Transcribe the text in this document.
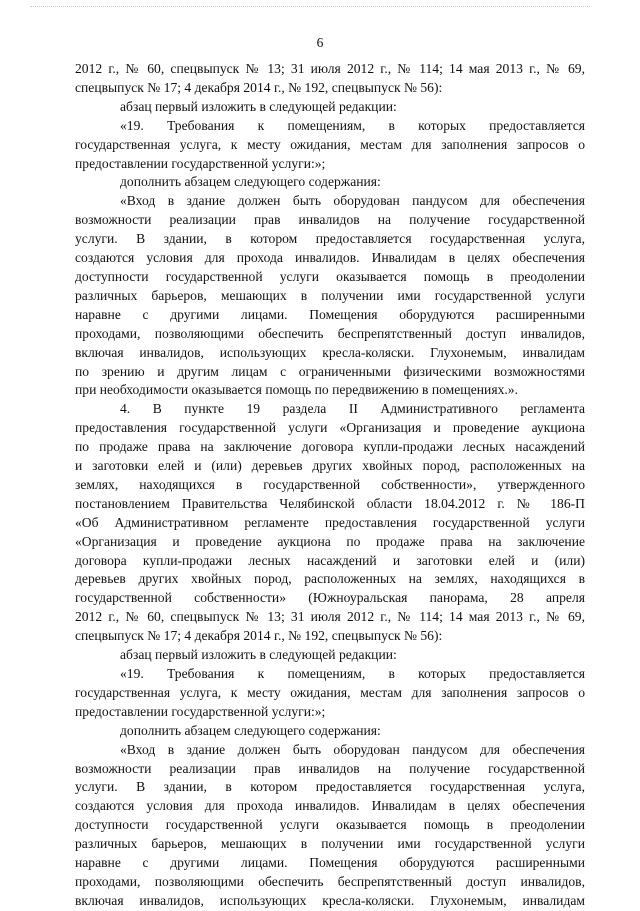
6
2012 г., № 60, спецвыпуск № 13; 31 июля 2012 г., № 114; 14 мая 2013 г., № 69,
спецвыпуск № 17; 4 декабря 2014 г., № 192, спецвыпуск № 56):
абзац первый изложить в следующей редакции:
«19. Требования к помещениям, в которых предоставляется
государственная услуга, к месту ожидания, местам для заполнения запросов о
предоставлении государственной услуги:»;
дополнить абзацем следующего содержания:
«Вход в здание должен быть оборудован пандусом для обеспечения
возможности реализации прав инвалидов на получение государственной
услуги. В здании, в котором предоставляется государственная услуга,
создаются условия для прохода инвалидов. Инвалидам в целях обеспечения
доступности государственной услуги оказывается помощь в преодолении
различных барьеров, мешающих в получении ими государственной услуги
наравне с другими лицами. Помещения оборудуются расширенными
проходами, позволяющими обеспечить беспрепятственный доступ инвалидов,
включая инвалидов, использующих кресла-коляски. Глухонемым, инвалидам
по зрению и другим лицам с ограниченными физическими возможностями
при необходимости оказывается помощь по передвижению в помещениях.».
4. В пункте 19 раздела II Административного регламента
предоставления государственной услуги «Организация и проведение аукциона
по продаже права на заключение договора купли-продажи лесных насаждений
и заготовки елей и (или) деревьев других хвойных пород, расположенных на
землях, находящихся в государственной собственности», утвержденного
постановлением Правительства Челябинской области 18.04.2012 г. № 186-П
«Об Административном регламенте предоставления государственной услуги
«Организация и проведение аукциона по продаже права на заключение
договора купли-продажи лесных насаждений и заготовки елей и (или)
деревьев других хвойных пород, расположенных на землях, находящихся в
государственной собственности» (Южноуральская панорама, 28 апреля
2012 г., № 60, спецвыпуск № 13; 31 июля 2012 г., № 114; 14 мая 2013 г., № 69,
спецвыпуск № 17; 4 декабря 2014 г., № 192, спецвыпуск № 56):
абзац первый изложить в следующей редакции:
«19. Требования к помещениям, в которых предоставляется
государственная услуга, к месту ожидания, местам для заполнения запросов о
предоставлении государственной услуги:»;
дополнить абзацем следующего содержания:
«Вход в здание должен быть оборудован пандусом для обеспечения
возможности реализации прав инвалидов на получение государственной
услуги. В здании, в котором предоставляется государственная услуга,
создаются условия для прохода инвалидов. Инвалидам в целях обеспечения
доступности государственной услуги оказывается помощь в преодолении
различных барьеров, мешающих в получении ими государственной услуги
наравне с другими лицами. Помещения оборудуются расширенными
проходами, позволяющими обеспечить беспрепятственный доступ инвалидов,
включая инвалидов, использующих кресла-коляски. Глухонемым, инвалидам
